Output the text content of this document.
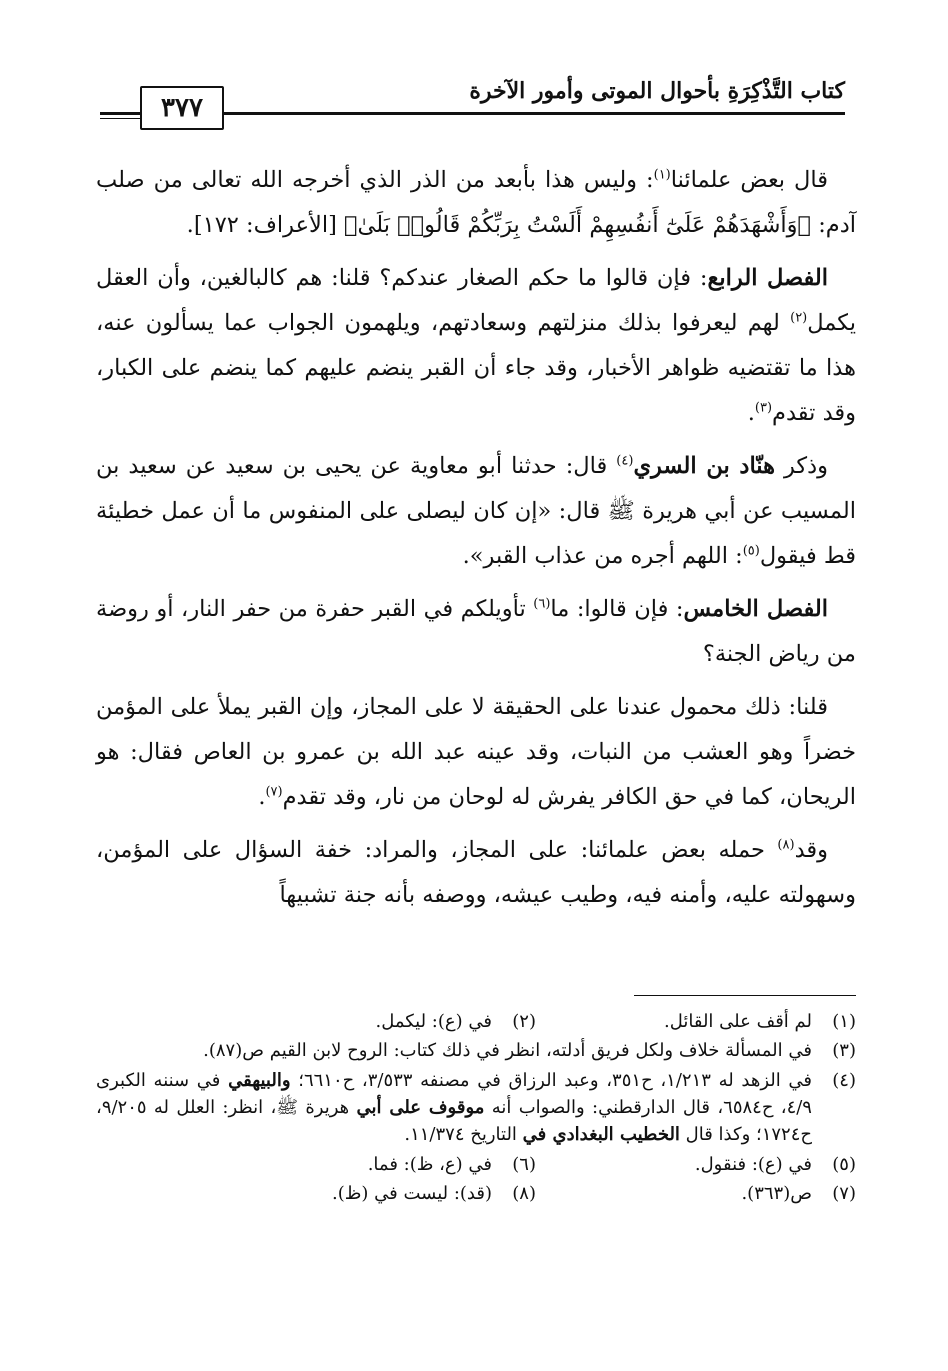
كتاب التَّذْكِرَةِ بأحوال الموتى وأمور الآخرة
٣٧٧

قال بعض علمائنا$^{(١)}$: وليس هذا بأبعد من الذر الذي أخرجه الله تعالى من صلب آدم: ﴿وَأَشْهَدَهُمْ عَلَىٰٓ أَنفُسِهِمْ أَلَسْتُ بِرَبِّكُمْ قَالُوا۟ بَلَىٰ﴾ [الأعراف: ١٧٢].

الفصل الرابع: فإن قالوا ما حكم الصغار عندكم؟ قلنا: هم كالبالغين، وأن العقل يكمل$^{(٢)}$ لهم ليعرفوا بذلك منزلتهم وسعادتهم، ويلهمون الجواب عما يسألون عنه، هذا ما تقتضيه ظواهر الأخبار، وقد جاء أن القبر ينضم عليهم كما ينضم على الكبار، وقد تقدم$^{(٣)}$.

وذكر هنّاد بن السري$^{(٤)}$ قال: حدثنا أبو معاوية عن يحيى بن سعيد عن سعيد بن المسيب عن أبي هريرة ﷺ قال: «إن كان ليصلى على المنفوس ما أن عمل خطيئة قط فيقول$^{(٥)}$: اللهم أجره من عذاب القبر».

الفصل الخامس: فإن قالوا: ما$^{(٦)}$ تأويلكم في القبر حفرة من حفر النار، أو روضة من رياض الجنة؟

قلنا: ذلك محمول عندنا على الحقيقة لا على المجاز، وإن القبر يملأ على المؤمن خضراً وهو العشب من النبات، وقد عينه عبد الله بن عمرو بن العاص فقال: هو الريحان، كما في حق الكافر يفرش له لوحان من نار، وقد تقدم$^{(٧)}$.

وقد$^{(٨)}$ حمله بعض علمائنا: على المجاز، والمراد: خفة السؤال على المؤمن، وسهولته عليه، وأمنه فيه، وطيب عيشه، ووصفه بأنه جنة تشبيهاً

(١)
لم أقف على القائل.
(٢)
في (ع): ليكمل.
(٣)
في المسألة خلاف ولكل فريق أدلته، انظر في ذلك كتاب: الروح لابن القيم ص(٨٧).
(٤)
في الزهد له ١/٢١٣، ح٣٥١، وعبد الرزاق في مصنفه ٣/٥٣٣، ح٦٦١٠؛ والبيهقي في سننه الكبرى ٤/٩، ح٦٥٨٤، قال الدارقطني: والصواب أنه موقوف على أبي هريرة ﷺ، انظر: العلل له ٩/٢٠٥، ح١٧٢٤؛ وكذا قال الخطيب البغدادي في التاريخ ١١/٣٧٤.
(٥)
في (ع): فنقول.
(٦)
في (ع، ظ): فما.
(٧)
ص(٣٦٣).
(٨)
(قد): ليست في (ظ).
